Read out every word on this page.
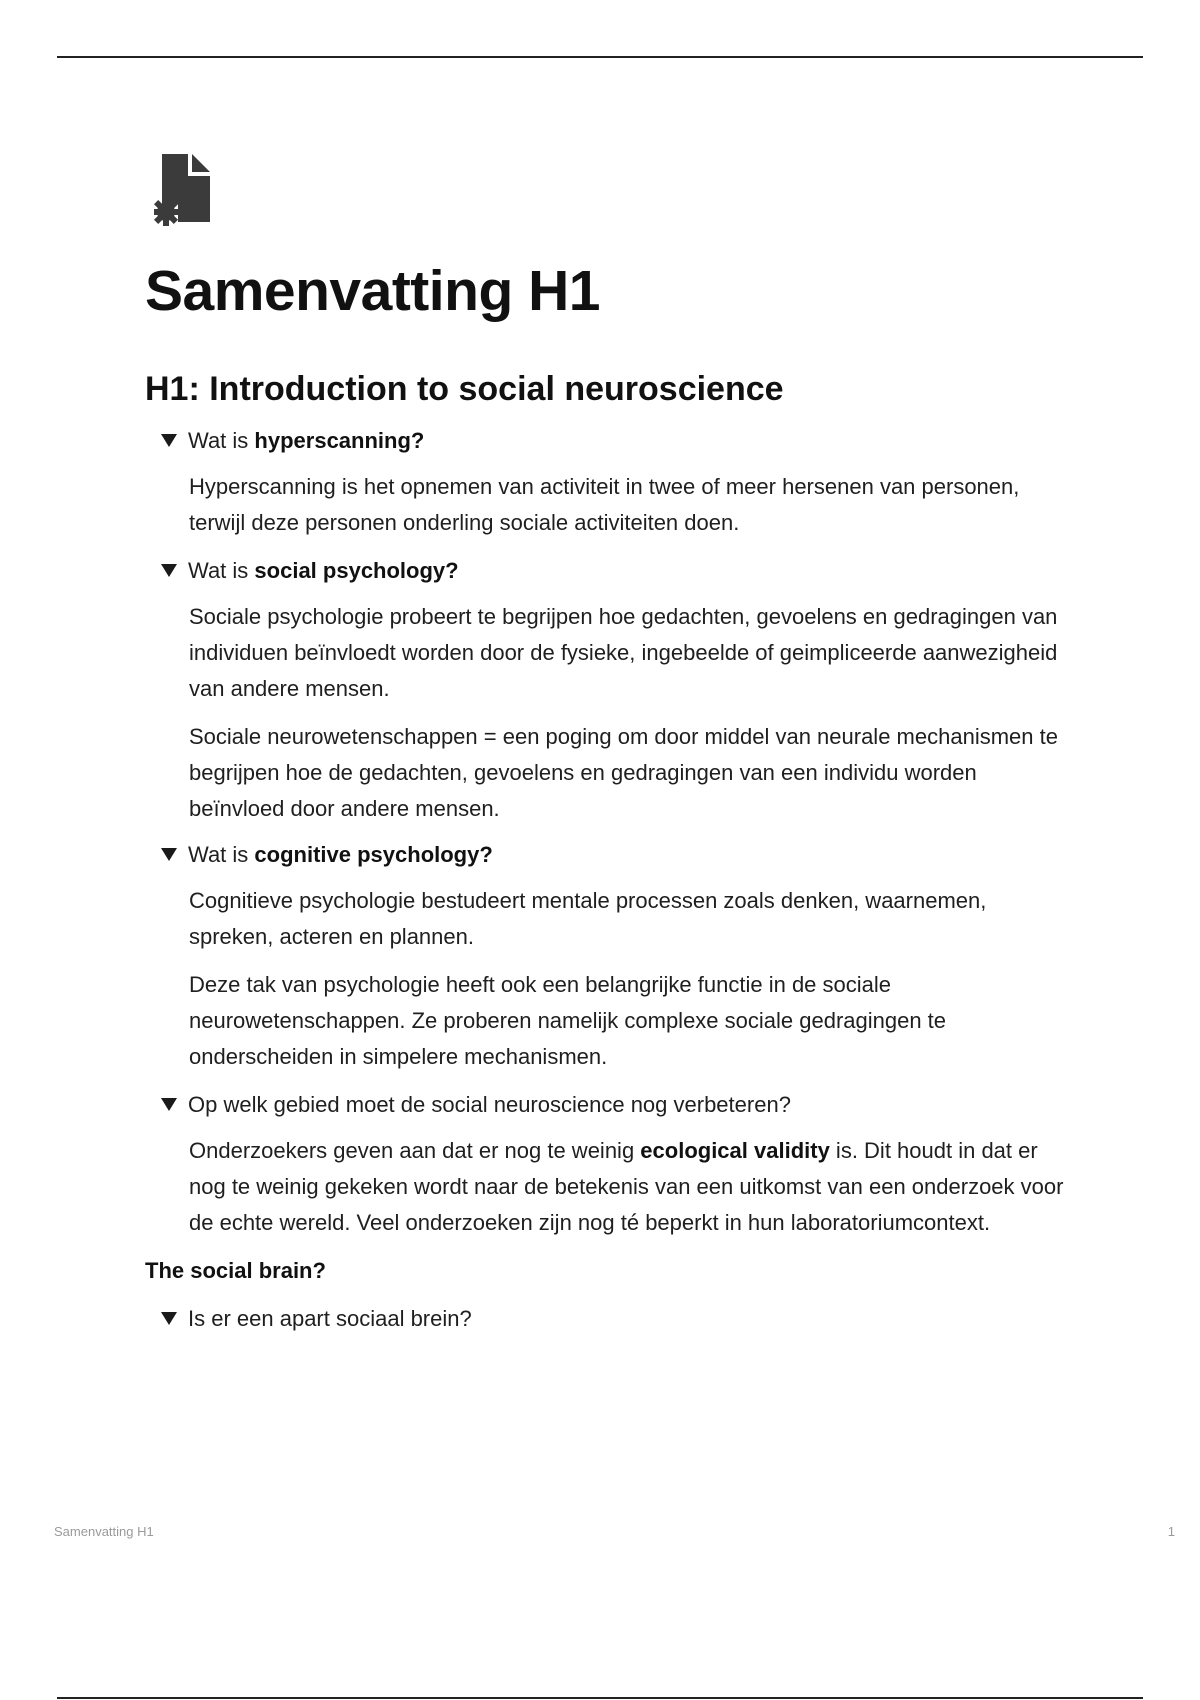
Samenvatting H1
H1: Introduction to social neuroscience
Wat is hyperscanning?

Hyperscanning is het opnemen van activiteit in twee of meer hersenen van personen, terwijl deze personen onderling sociale activiteiten doen.

Wat is social psychology?

Sociale psychologie probeert te begrijpen hoe gedachten, gevoelens en gedragingen van individuen beïnvloedt worden door de fysieke, ingebeelde of geimpliceerde aanwezigheid van andere mensen.

Sociale neurowetenschappen = een poging om door middel van neurale mechanismen te begrijpen hoe de gedachten, gevoelens en gedragingen van een individu worden beïnvloed door andere mensen.

Wat is cognitive psychology?

Cognitieve psychologie bestudeert mentale processen zoals denken, waarnemen, spreken, acteren en plannen.

Deze tak van psychologie heeft ook een belangrijke functie in de sociale neurowetenschappen. Ze proberen namelijk complexe sociale gedragingen te onderscheiden in simpelere mechanismen.

Op welk gebied moet de social neuroscience nog verbeteren?

Onderzoekers geven aan dat er nog te weinig ecological validity is. Dit houdt in dat er nog te weinig gekeken wordt naar de betekenis van een uitkomst van een onderzoek voor de echte wereld. Veel onderzoeken zijn nog té beperkt in hun laboratoriumcontext.

The social brain?
Is er een apart sociaal brein?
Samenvatting H1	1
